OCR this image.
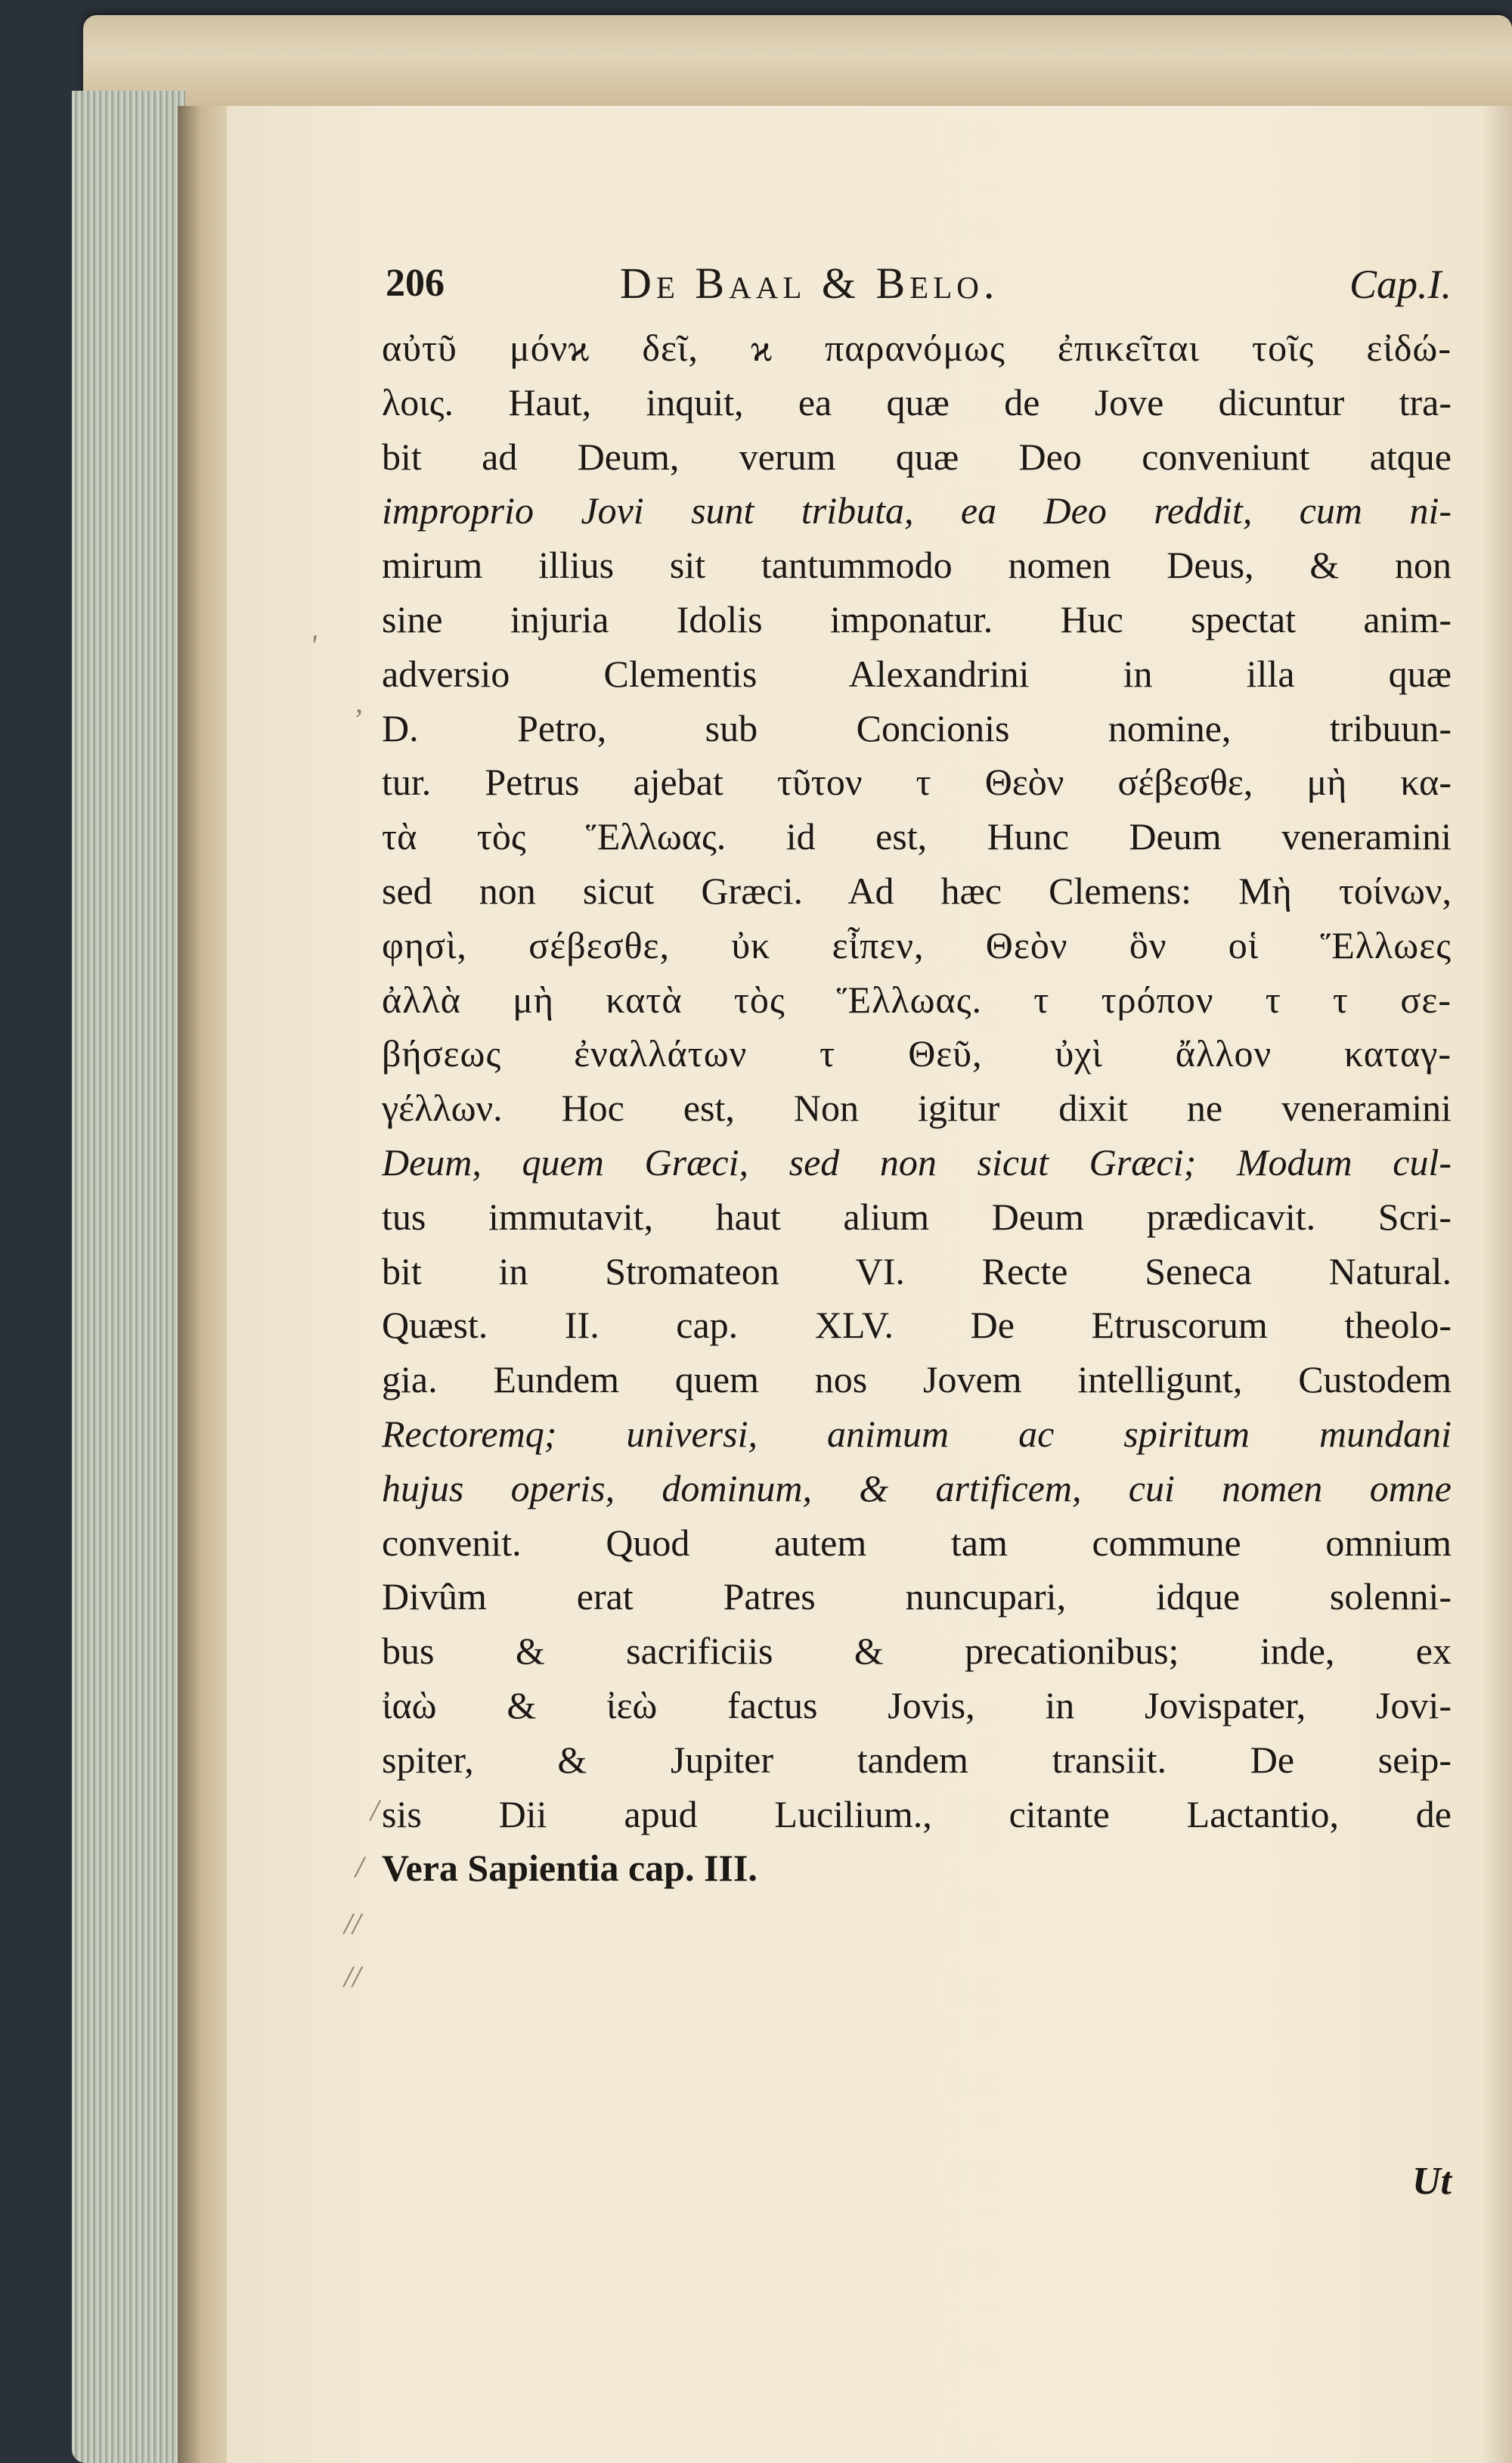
206	De Baal & Belo.	Cap.I.
αὐτῦ μόνϰ δεῖ, ϰ παρανόμως ἐπικεῖται τοῖς εἰδώ-
λοις. Haut, inquit, ea quæ de Jove dicuntur tra-
bit ad Deum, verum quæ Deo conveniunt atque
improprio Jovi sunt tributa, ea Deo reddit, cum ni-
mirum illius sit tantummodo nomen Deus, & non
sine injuria Idolis imponatur. Huc spectat anim-
adversio Clementis Alexandrini in illa quæ
D. Petro, sub Concionis nomine, tribuun-
tur. Petrus ajebat τῦτον τ Θεὸν σέβεσθε, μὴ κα-
τὰ τὸς Ἕλλωας. id est, Hunc Deum veneramini
sed non sicut Græci. Ad hæc Clemens: Μὴ τοίνων,
φησὶ, σέβεσθε, ὐκ εἶπεν, Θεὸν ὃν οἱ Ἕλλωες
ἀλλὰ μὴ κατὰ τὸς Ἕλλωας. τ τρόπον τ τ σε-
βήσεως ἐναλλάτων τ Θεῦ, ὐχὶ ἄλλον καταγ-
γέλλων. Hoc est, Non igitur dixit ne veneramini
Deum, quem Græci, sed non sicut Græci; Modum cul-
tus immutavit, haut alium Deum prædicavit. Scri-
bit in Stromateon VI. Recte Seneca Natural.
Quæst. II. cap. XLV. De Etruscorum theolo-
gia. Eundem quem nos Jovem intelligunt, Custodem
Rectoremq; universi, animum ac spiritum mundani
hujus operis, dominum, & artificem, cui nomen omne
convenit. Quod autem tam commune omnium
Divûm erat Patres nuncupari, idque solenni-
bus & sacrificiis & precationibus; inde, ex
ἰαὼ & ἰεὼ factus Jovis, in Jovispater, Jovi-
spiter, & Jupiter tandem transiit. De seip-
sis Dii apud Lucilium., citante Lactantio, de
Vera Sapientia cap. III.
'
,
/
/
//
//
Ut
